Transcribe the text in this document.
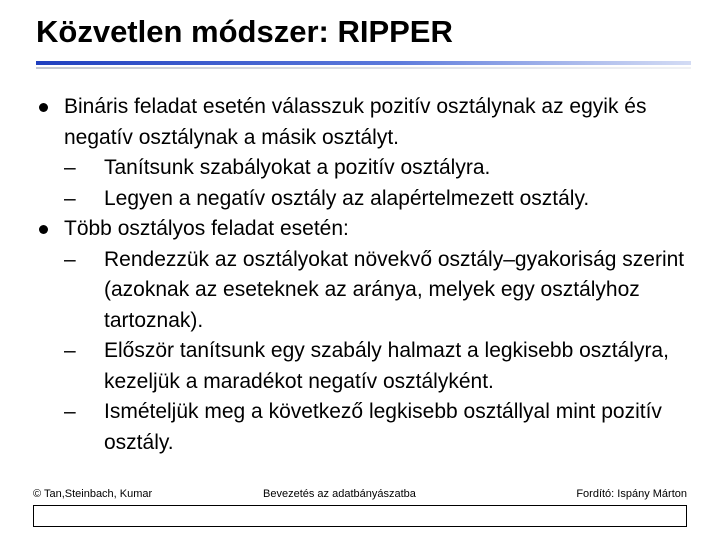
Közvetlen módszer: RIPPER
Bináris feladat esetén válasszuk pozitív osztálynak az egyik és negatív osztálynak a másik osztályt.
– Tanítsunk szabályokat a pozitív osztályra.
– Legyen a negatív osztály az alapértelmezett osztály.
Több osztályos feladat esetén:
– Rendezzük az osztályokat növekvő osztály–gyakoriság szerint (azoknak az eseteknek az aránya, melyek egy osztályhoz tartoznak).
– Először tanítsunk egy szabály halmazt a legkisebb osztályra, kezeljük a maradékot negatív osztályként.
– Ismételjük meg a következő legkisebb osztállyal mint pozitív osztály.
© Tan,Steinbach, Kumar	Bevezetés az adatbányászatba	Fordító: Ispány Márton
